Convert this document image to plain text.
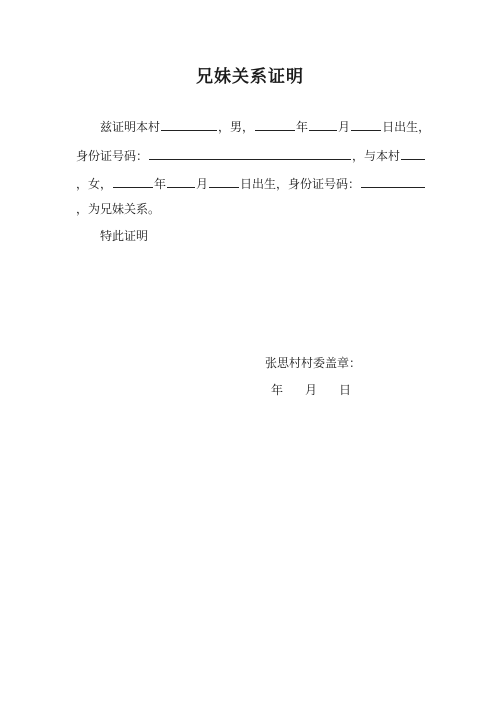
兄妹关系证明
兹证明本村	，男，	年	月	日出生，
身份证号码：	，与本村
，女，	年	月	日出生，身份证号码：
，为兄妹关系。
特此证明
张思村村委盖章：
年 月 日
